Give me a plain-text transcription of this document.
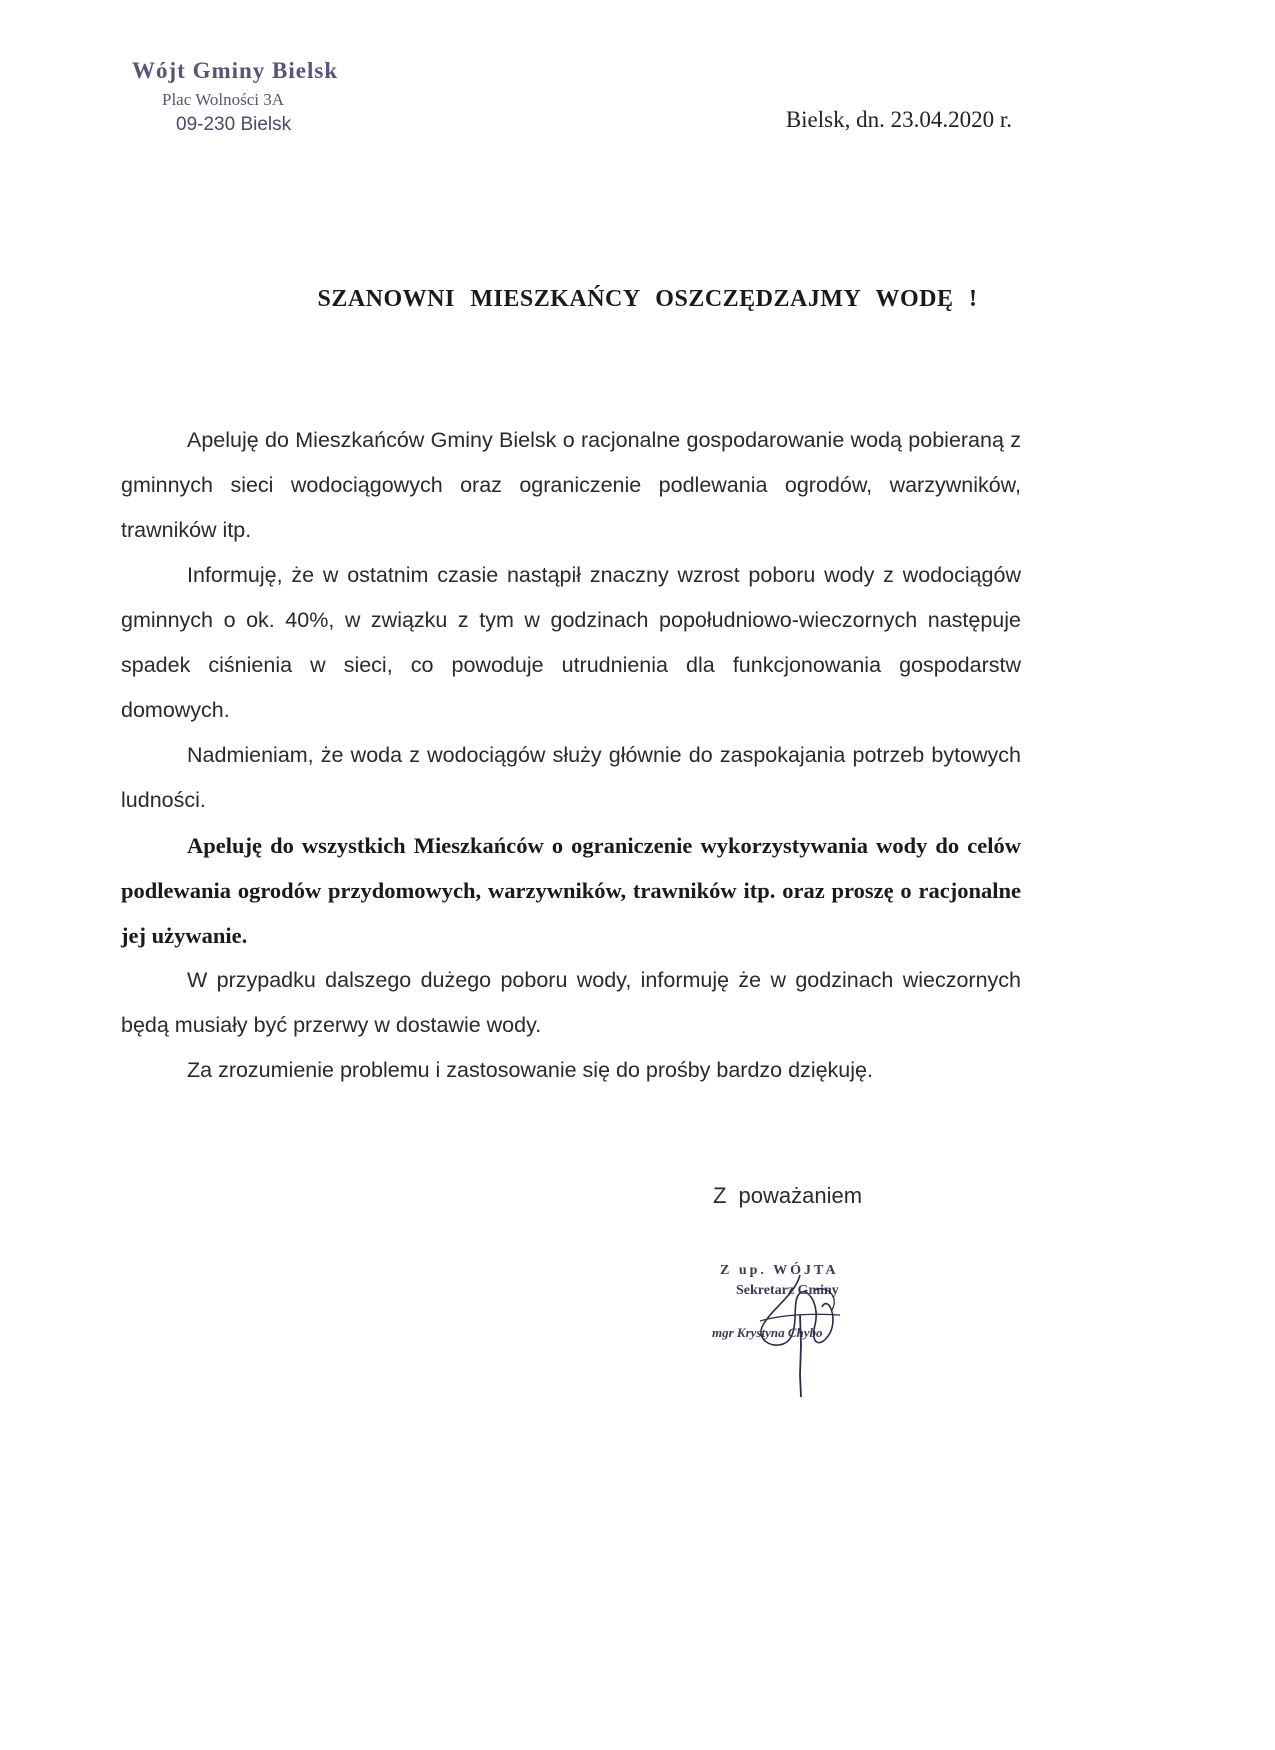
Wójt Gminy Bielsk
Plac Wolności 3A
09-230 Bielsk	Bielsk, dn. 23.04.2020 r.
SZANOWNI MIESZKAŃCY OSZCZĘDZAJMY WODĘ !

Apeluję do Mieszkańców Gminy Bielsk o racjonalne gospodarowanie wodą pobieraną z gminnych sieci wodociągowych oraz ograniczenie podlewania ogrodów, warzywników, trawników itp.

Informuję, że w ostatnim czasie nastąpił znaczny wzrost poboru wody z wodociągów gminnych o ok. 40%, w związku z tym w godzinach popołudniowo-wieczornych następuje spadek ciśnienia w sieci, co powoduje utrudnienia dla funkcjonowania gospodarstw domowych.

Nadmieniam, że woda z wodociągów służy głównie do zaspokajania potrzeb bytowych ludności.

Apeluję do wszystkich Mieszkańców o ograniczenie wykorzystywania wody do celów podlewania ogrodów przydomowych, warzywników, trawników itp. oraz proszę o racjonalne jej używanie.

W przypadku dalszego dużego poboru wody, informuję że w godzinach wieczornych będą musiały być przerwy w dostawie wody.

Za zrozumienie problemu i zastosowanie się do prośby bardzo dziękuję.

Z poważaniem
Z up. WÓJTA
Sekretarz Gminy
mgr Krystyna Chybo
